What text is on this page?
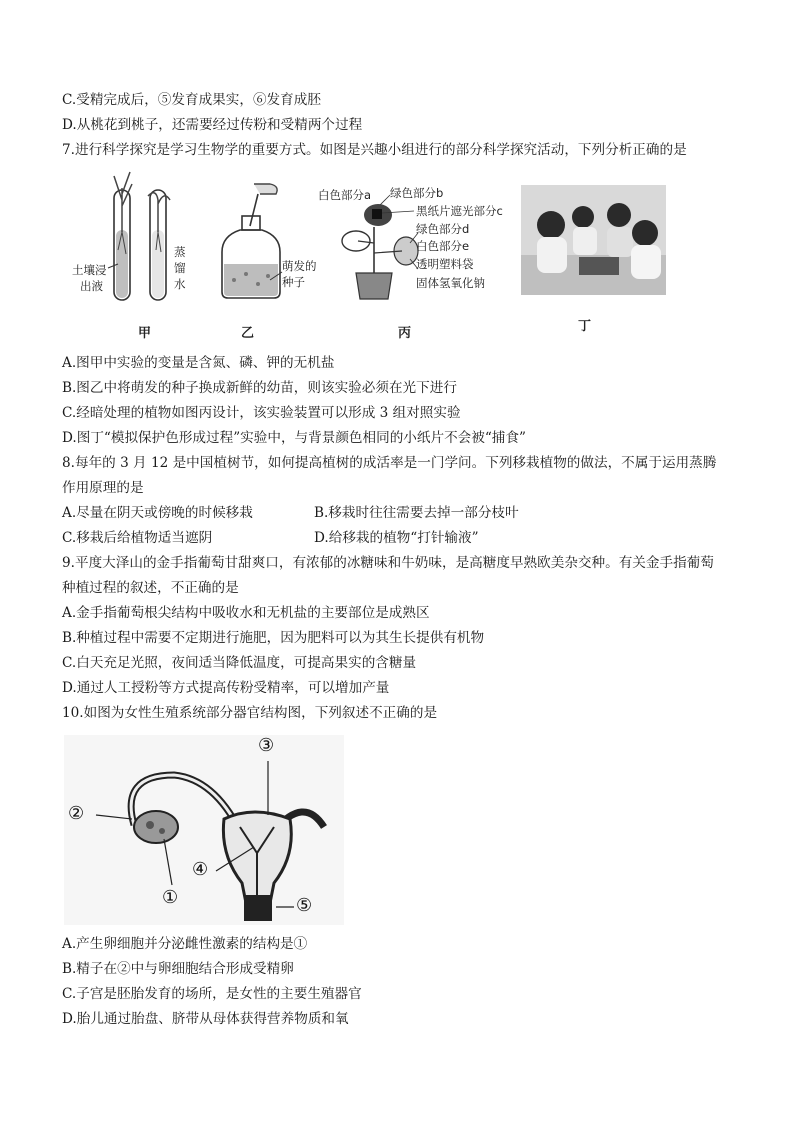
C.受精完成后，⑤发育成果实，⑥发育成胚
D.从桃花到桃子，还需要经过传粉和受精两个过程
7.进行科学探究是学习生物学的重要方式。如图是兴趣小组进行的部分科学探究活动，下列分析正确的是
土壤浸
出液
蒸
馏
水
甲
萌发的
种子
乙
白色部分a 绿色部分b
黑纸片遮光部分c
绿色部分d
白色部分e
透明塑料袋
固体氢氧化钠
丙	丁
A.图甲中实验的变量是含氮、磷、钾的无机盐
B.图乙中将萌发的种子换成新鲜的幼苗，则该实验必须在光下进行
C.经暗处理的植物如图丙设计，该实验装置可以形成 3 组对照实验
D.图丁“模拟保护色形成过程”实验中，与背景颜色相同的小纸片不会被“捕食”
8.每年的 3 月 12 是中国植树节，如何提高植树的成活率是一门学问。下列移栽植物的做法，不属于运用蒸腾
作用原理的是
A.尽量在阴天或傍晚的时候移栽	B.移栽时往往需要去掉一部分枝叶
C.移栽后给植物适当遮阴	D.给移栽的植物“打针输液”
9.平度大泽山的金手指葡萄甘甜爽口，有浓郁的冰糖味和牛奶味，是高糖度早熟欧美杂交种。有关金手指葡萄
种植过程的叙述，不正确的是
A.金手指葡萄根尖结构中吸收水和无机盐的主要部位是成熟区
B.种植过程中需要不定期进行施肥，因为肥料可以为其生长提供有机物
C.白天充足光照，夜间适当降低温度，可提高果实的含糖量
D.通过人工授粉等方式提高传粉受精率，可以增加产量
10.如图为女性生殖系统部分器官结构图，下列叙述不正确的是
③
②
④
①	⑤
A.产生卵细胞并分泌雌性激素的结构是①
B.精子在②中与卵细胞结合形成受精卵
C.子宫是胚胎发育的场所，是女性的主要生殖器官
D.胎儿通过胎盘、脐带从母体获得营养物质和氧
